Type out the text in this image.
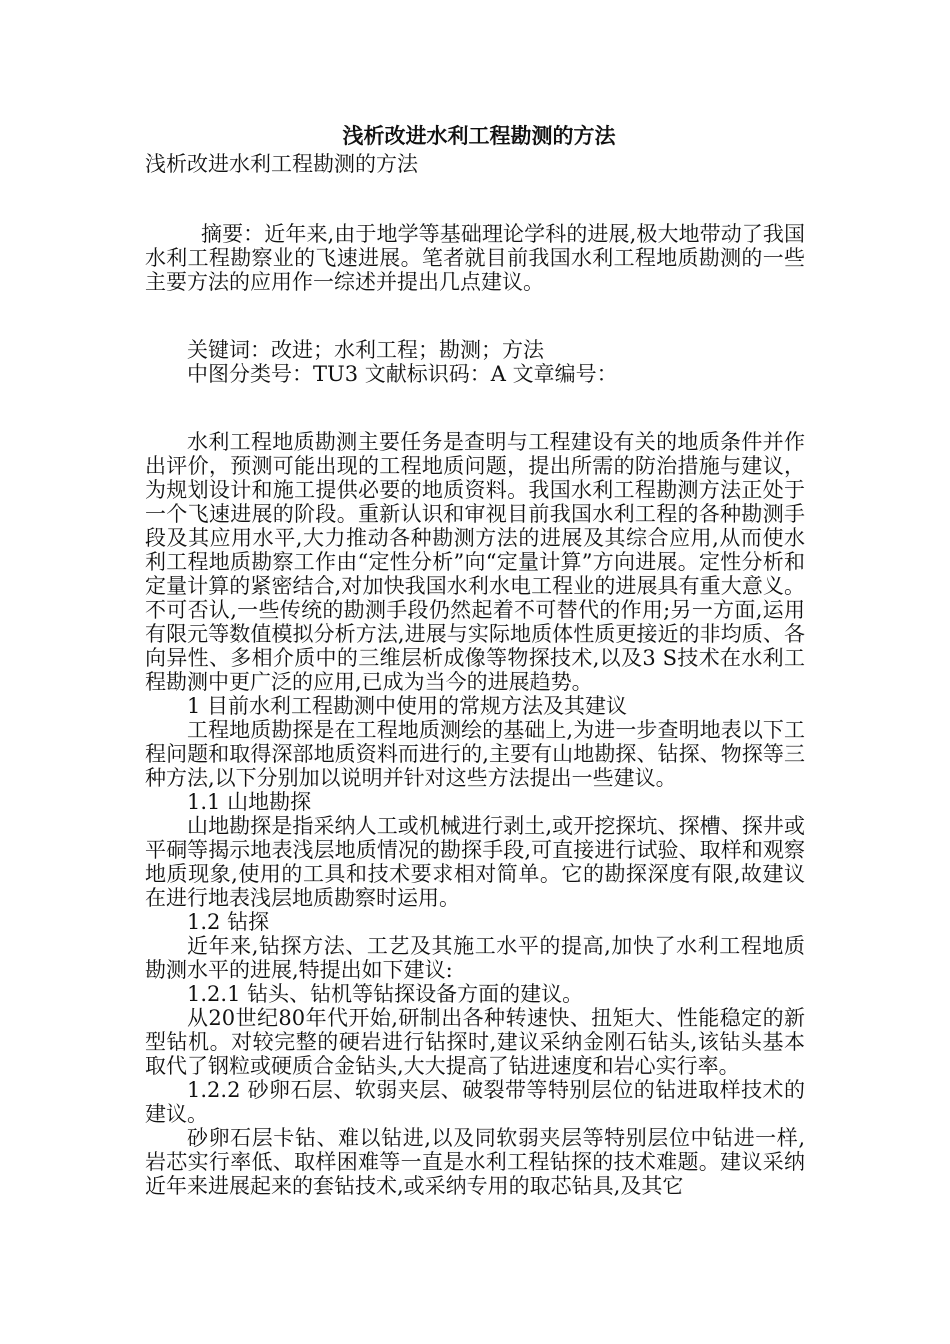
浅析改进水利工程勘测的方法
浅析改进水利工程勘测的方法

摘要：近年来,由于地学等基础理论学科的进展,极大地带动了我国水利工程勘察业的飞速进展。笔者就目前我国水利工程地质勘测的一些主要方法的应用作一综述并提出几点建议。

关键词：改进；水利工程；勘测；方法

中图分类号：TU3 文献标识码：A 文章编号：

水利工程地质勘测主要任务是查明与工程建设有关的地质条件并作出评价，预测可能出现的工程地质问题，提出所需的防治措施与建议，为规划设计和施工提供必要的地质资料。我国水利工程勘测方法正处于一个飞速进展的阶段。重新认识和审视目前我国水利工程的各种勘测手段及其应用水平,大力推动各种勘测方法的进展及其综合应用,从而使水利工程地质勘察工作由“定性分析”向“定量计算”方向进展。定性分析和定量计算的紧密结合,对加快我国水利水电工程业的进展具有重大意义。不可否认,一些传统的勘测手段仍然起着不可替代的作用;另一方面,运用有限元等数值模拟分析方法,进展与实际地质体性质更接近的非均质、各向异性、多相介质中的三维层析成像等物探技术,以及3 S技术在水利工程勘测中更广泛的应用,已成为当今的进展趋势。

1 目前水利工程勘测中使用的常规方法及其建议

工程地质勘探是在工程地质测绘的基础上,为进一步查明地表以下工程问题和取得深部地质资料而进行的,主要有山地勘探、钻探、物探等三种方法,以下分别加以说明并针对这些方法提出一些建议。

1.1 山地勘探

山地勘探是指采纳人工或机械进行剥土,或开挖探坑、探槽、探井或平硐等揭示地表浅层地质情况的勘探手段,可直接进行试验、取样和观察地质现象,使用的工具和技术要求相对简单。它的勘探深度有限,故建议在进行地表浅层地质勘察时运用。

1.2 钻探

近年来,钻探方法、工艺及其施工水平的提高,加快了水利工程地质勘测水平的进展,特提出如下建议:

1.2.1 钻头、钻机等钻探设备方面的建议。

从20世纪80年代开始,研制出各种转速快、扭矩大、性能稳定的新型钻机。对较完整的硬岩进行钻探时,建议采纳金刚石钻头,该钻头基本取代了钢粒或硬质合金钻头,大大提高了钻进速度和岩心实行率。

1.2.2 砂卵石层、软弱夹层、破裂带等特别层位的钻进取样技术的建议。

砂卵石层卡钻、难以钻进,以及同软弱夹层等特别层位中钻进一样,岩芯实行率低、取样困难等一直是水利工程钻探的技术难题。建议采纳近年来进展起来的套钻技术,或采纳专用的取芯钻具,及其它
